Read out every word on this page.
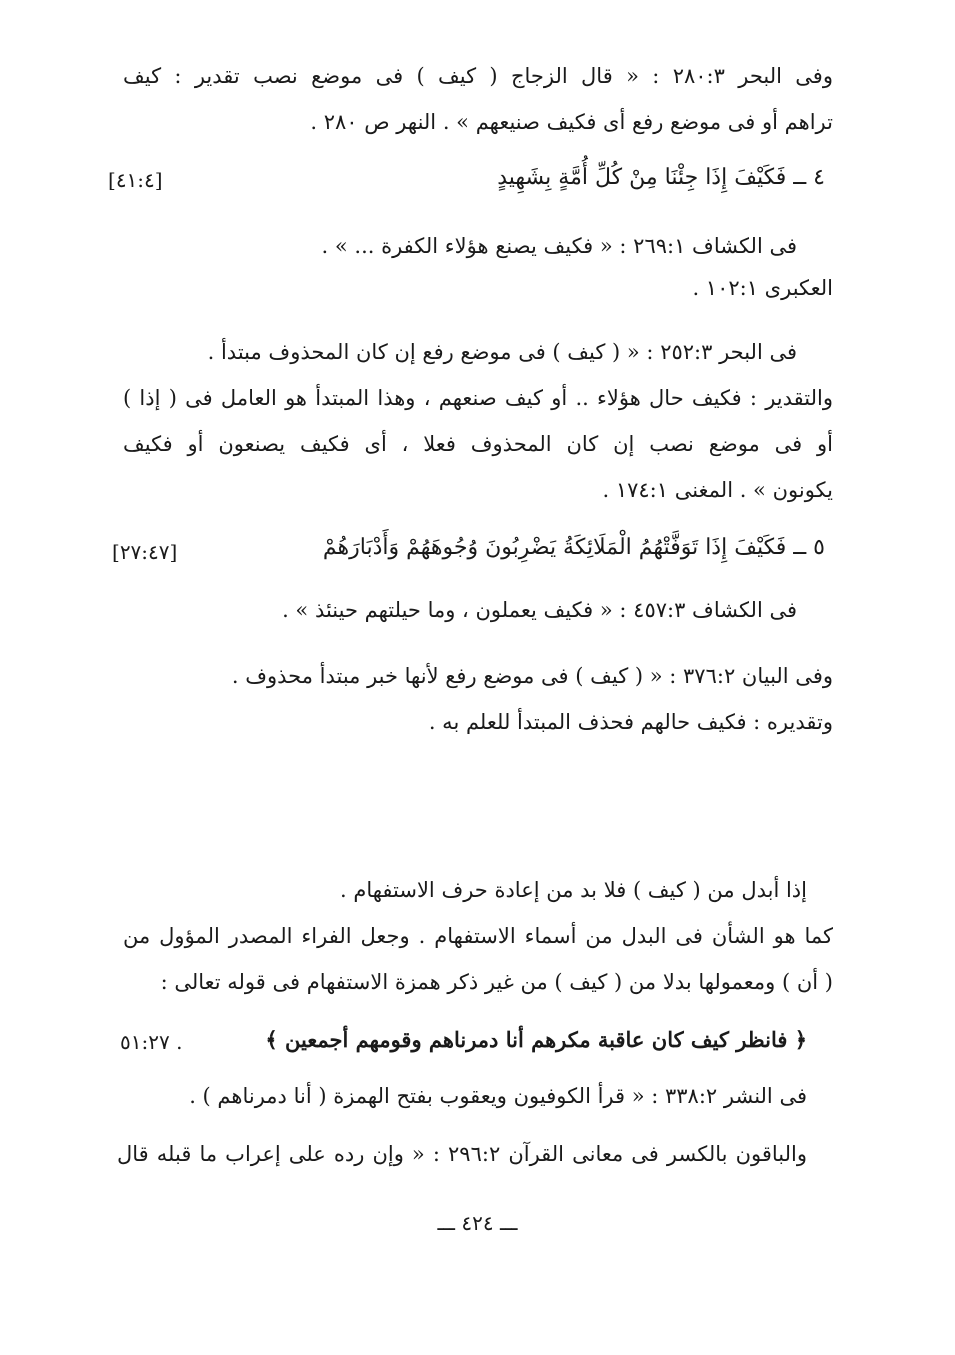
وفى البحر ٢٨٠:٣ : « قال الزجاج ( كيف ) فى موضع نصب تقدير : كيف
تراهم أو فى موضع رفع أى فكيف صنيعهم » . النهر ص ٢٨٠ .
٤ ــ فَكَيْفَ إِذَا جِئْنَا مِنْ كُلِّ أُمَّةٍ بِشَهِيدٍ
[٤١:٤]
فى الكشاف ٢٦٩:١ : « فكيف يصنع هؤلاء الكفرة ... » .
العكبرى ١٠٢:١ .
فى البحر ٢٥٢:٣ : « ( كيف ) فى موضع رفع إن كان المحذوف مبتدأ .
والتقدير : فكيف حال هؤلاء .. أو كيف صنعهم ، وهذا المبتدأ هو العامل فى ( إذا )
أو فى موضع نصب إن كان المحذوف فعلا ، أى فكيف يصنعون أو فكيف
يكونون » . المغنى ١٧٤:١ .
٥ ــ فَكَيْفَ إِذَا تَوَفَّتْهُمُ الْمَلَائِكَةُ يَضْرِبُونَ وُجُوهَهُمْ وَأَدْبَارَهُمْ
[٢٧:٤٧]
فى الكشاف ٤٥٧:٣ : « فكيف يعملون ، وما حيلتهم حينئذ » .
وفى البيان ٣٧٦:٢ : « ( كيف ) فى موضع رفع لأنها خبر مبتدأ محذوف .
وتقديره : فكيف حالهم فحذف المبتدأ للعلم به .
إذا أبدل من ( كيف ) فلا بد من إعادة حرف الاستفهام .
كما هو الشأن فى البدل من أسماء الاستفهام . وجعل الفراء المصدر المؤول من
( أن ) ومعمولها بدلا من ( كيف ) من غير ذكر همزة الاستفهام فى قوله تعالى :
﴿ فانظر كيف كان عاقبة مكرهم أنا دمرناهم وقومهم أجمعين ﴾
٥١:٢٧ .
فى النشر ٣٣٨:٢ : « قرأ الكوفيون ويعقوب بفتح الهمزة ( أنا دمرناهم ) .
والباقون بالكسر فى معانى القرآن ٢٩٦:٢ : « وإن رده على إعراب ما قبله قال
ـــ ٤٢٤ ـــ
